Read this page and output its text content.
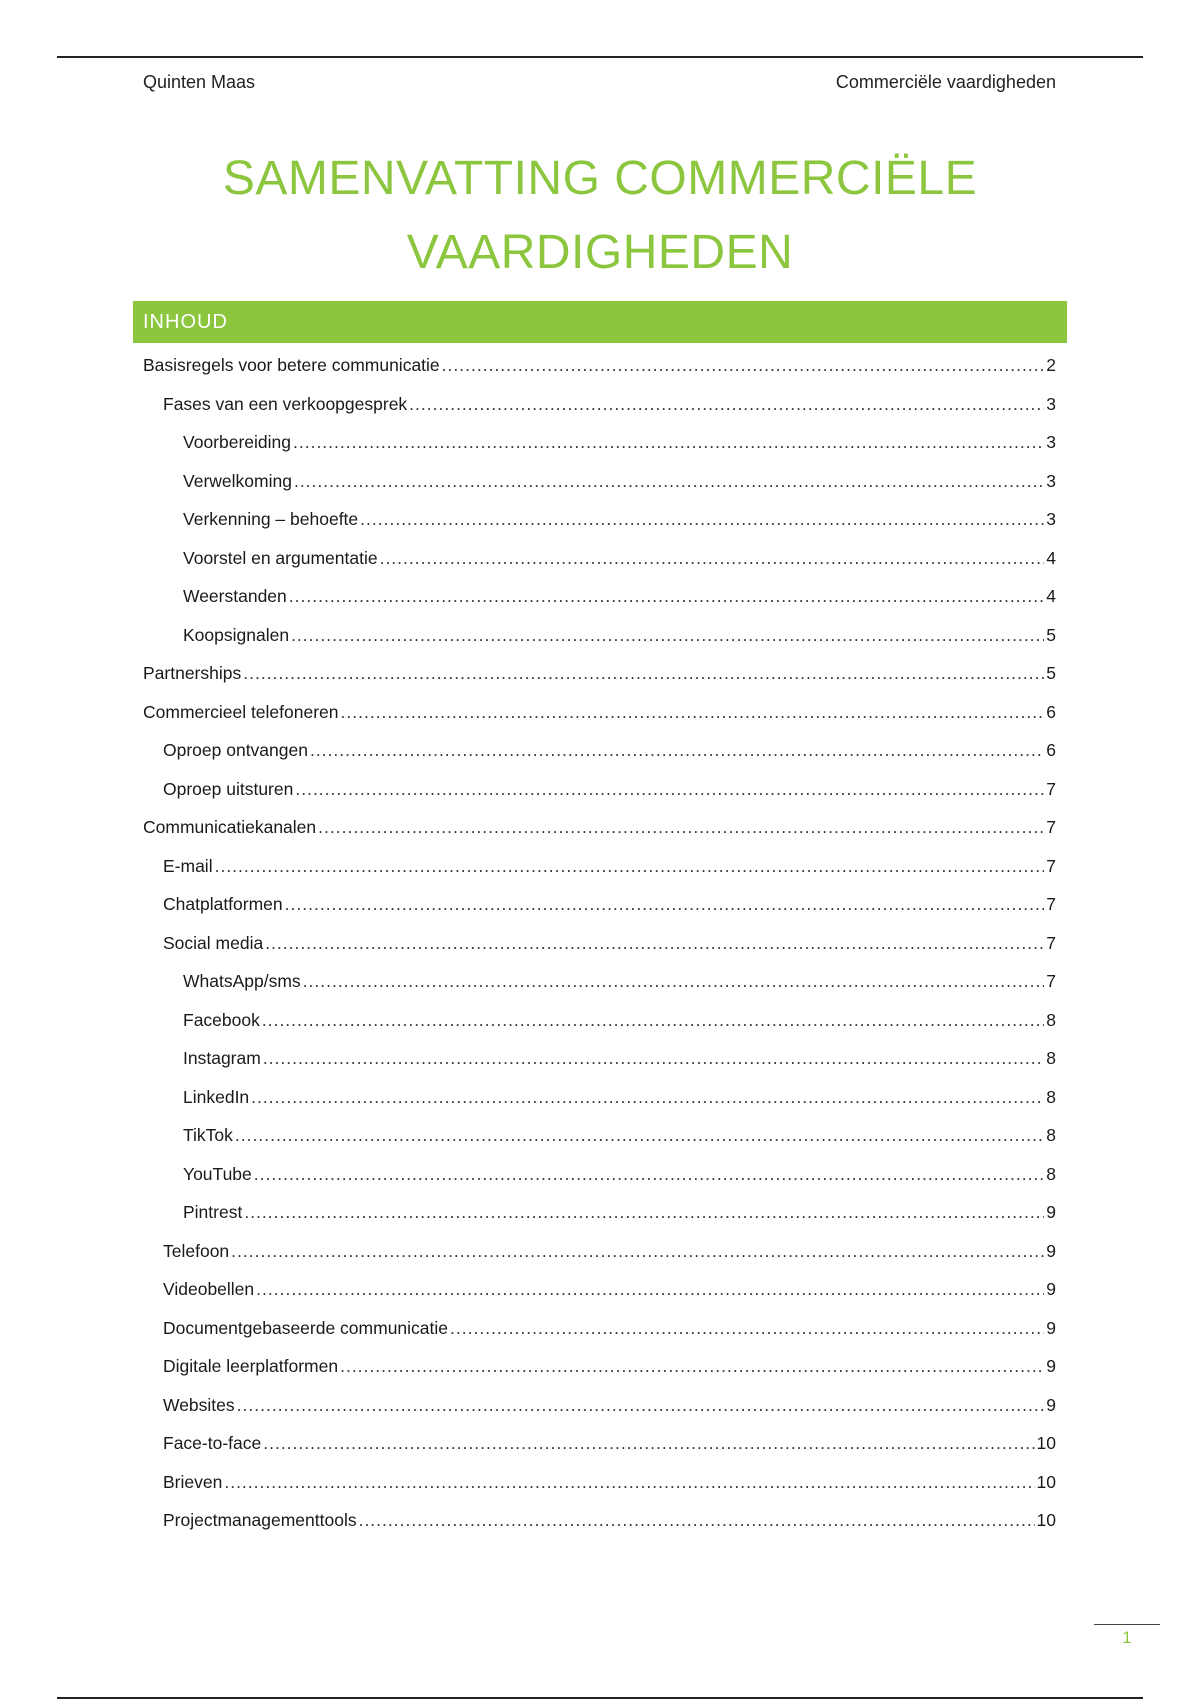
Quinten Maas	Commerciële vaardigheden
SAMENVATTING COMMERCIËLE
VAARDIGHEDEN
INHOUD
Basisregels voor betere communicatie .....	2
Fases van een verkoopgesprek .....	3
Voorbereiding .....	3
Verwelkoming .....	3
Verkenning – behoefte .....	3
Voorstel en argumentatie .....	4
Weerstanden .....	4
Koopsignalen .....	5
Partnerships .....	5
Commercieel telefoneren .....	6
Oproep ontvangen .....	6
Oproep uitsturen .....	7
Communicatiekanalen .....	7
E-mail .....	7
Chatplatformen .....	7
Social media .....	7
WhatsApp/sms .....	7
Facebook .....	8
Instagram .....	8
LinkedIn .....	8
TikTok .....	8
YouTube .....	8
Pintrest .....	9
Telefoon .....	9
Videobellen .....	9
Documentgebaseerde communicatie .....	9
Digitale leerplatformen .....	9
Websites .....	9
Face-to-face .....	10
Brieven .....	10
Projectmanagementtools .....	10
1
